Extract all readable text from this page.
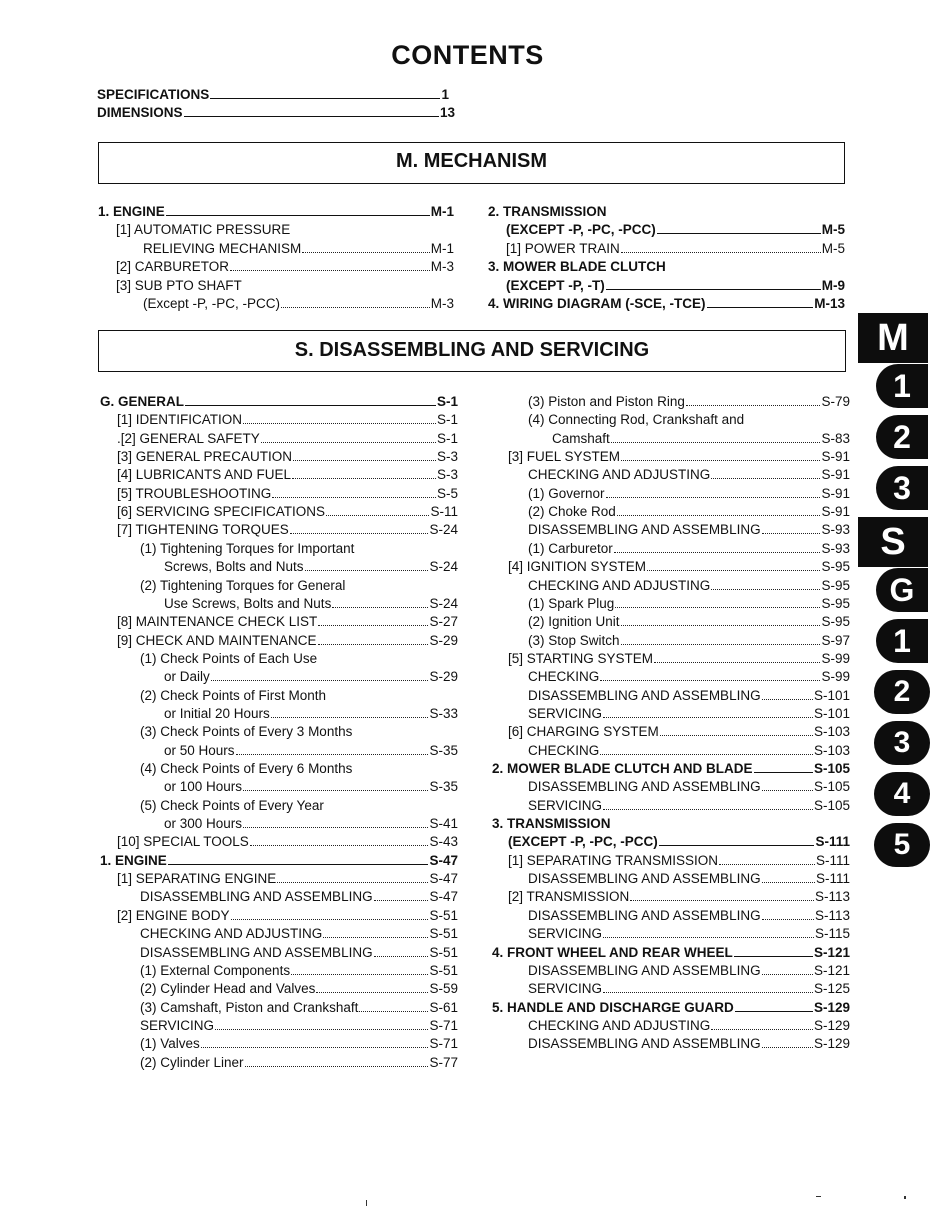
CONTENTS
SPECIFICATIONS	1
DIMENSIONS	13
M. MECHANISM
1. ENGINE	M-1
[1] AUTOMATIC PRESSURE
RELIEVING MECHANISM	M-1
[2] CARBURETOR	M-3
[3] SUB PTO SHAFT
(Except -P, -PC, -PCC)	M-3
2. TRANSMISSION
(EXCEPT -P, -PC, -PCC)	M-5
[1] POWER TRAIN	M-5
3. MOWER BLADE CLUTCH
(EXCEPT -P, -T)	M-9
4. WIRING DIAGRAM (-SCE, -TCE)	M-13
S. DISASSEMBLING AND SERVICING
G. GENERAL	S-1
[1] IDENTIFICATION	S-1
.[2] GENERAL SAFETY	S-1
[3] GENERAL PRECAUTION	S-3
[4] LUBRICANTS AND FUEL	S-3
[5] TROUBLESHOOTING	S-5
[6] SERVICING SPECIFICATIONS	S-11
[7] TIGHTENING TORQUES	S-24
(1) Tightening Torques for Important
Screws, Bolts and Nuts	S-24
(2) Tightening Torques for General
Use Screws, Bolts and Nuts	S-24
[8] MAINTENANCE CHECK LIST	S-27
[9] CHECK AND MAINTENANCE	S-29
(1) Check Points of Each Use
or Daily	S-29
(2) Check Points of First Month
or Initial 20 Hours	S-33
(3) Check Points of Every 3 Months
or 50 Hours	S-35
(4) Check Points of Every 6 Months
or 100 Hours	S-35
(5) Check Points of Every Year
or 300 Hours	S-41
[10] SPECIAL TOOLS	S-43
1. ENGINE	S-47
[1] SEPARATING ENGINE	S-47
DISASSEMBLING AND ASSEMBLING	S-47
[2] ENGINE BODY	S-51
CHECKING AND ADJUSTING	S-51
DISASSEMBLING AND ASSEMBLING	S-51
(1) External Components	S-51
(2) Cylinder Head and Valves	S-59
(3) Camshaft, Piston and Crankshaft	S-61
SERVICING	S-71
(1) Valves	S-71
(2) Cylinder Liner	S-77
(3) Piston and Piston Ring	S-79
(4) Connecting Rod, Crankshaft and
Camshaft	S-83
[3] FUEL SYSTEM	S-91
CHECKING AND ADJUSTING	S-91
(1) Governor	S-91
(2) Choke Rod	S-91
DISASSEMBLING AND ASSEMBLING	S-93
(1) Carburetor	S-93
[4] IGNITION SYSTEM	S-95
CHECKING AND ADJUSTING	S-95
(1) Spark Plug	S-95
(2) Ignition Unit	S-95
(3) Stop Switch	S-97
[5] STARTING SYSTEM	S-99
CHECKING	S-99
DISASSEMBLING AND ASSEMBLING	S-101
SERVICING	S-101
[6] CHARGING SYSTEM	S-103
CHECKING	S-103
2. MOWER BLADE CLUTCH AND BLADE	S-105
DISASSEMBLING AND ASSEMBLING	S-105
SERVICING	S-105
3. TRANSMISSION
(EXCEPT -P, -PC, -PCC)	S-111
[1] SEPARATING TRANSMISSION	S-111
DISASSEMBLING AND ASSEMBLING	S-111
[2] TRANSMISSION	S-113
DISASSEMBLING AND ASSEMBLING	S-113
SERVICING	S-115
4. FRONT WHEEL AND REAR WHEEL	S-121
DISASSEMBLING AND ASSEMBLING	S-121
SERVICING	S-125
5. HANDLE AND DISCHARGE GUARD	S-129
CHECKING AND ADJUSTING	S-129
DISASSEMBLING AND ASSEMBLING	S-129
M
1
2
3
S
G
1
2
3
4
5
